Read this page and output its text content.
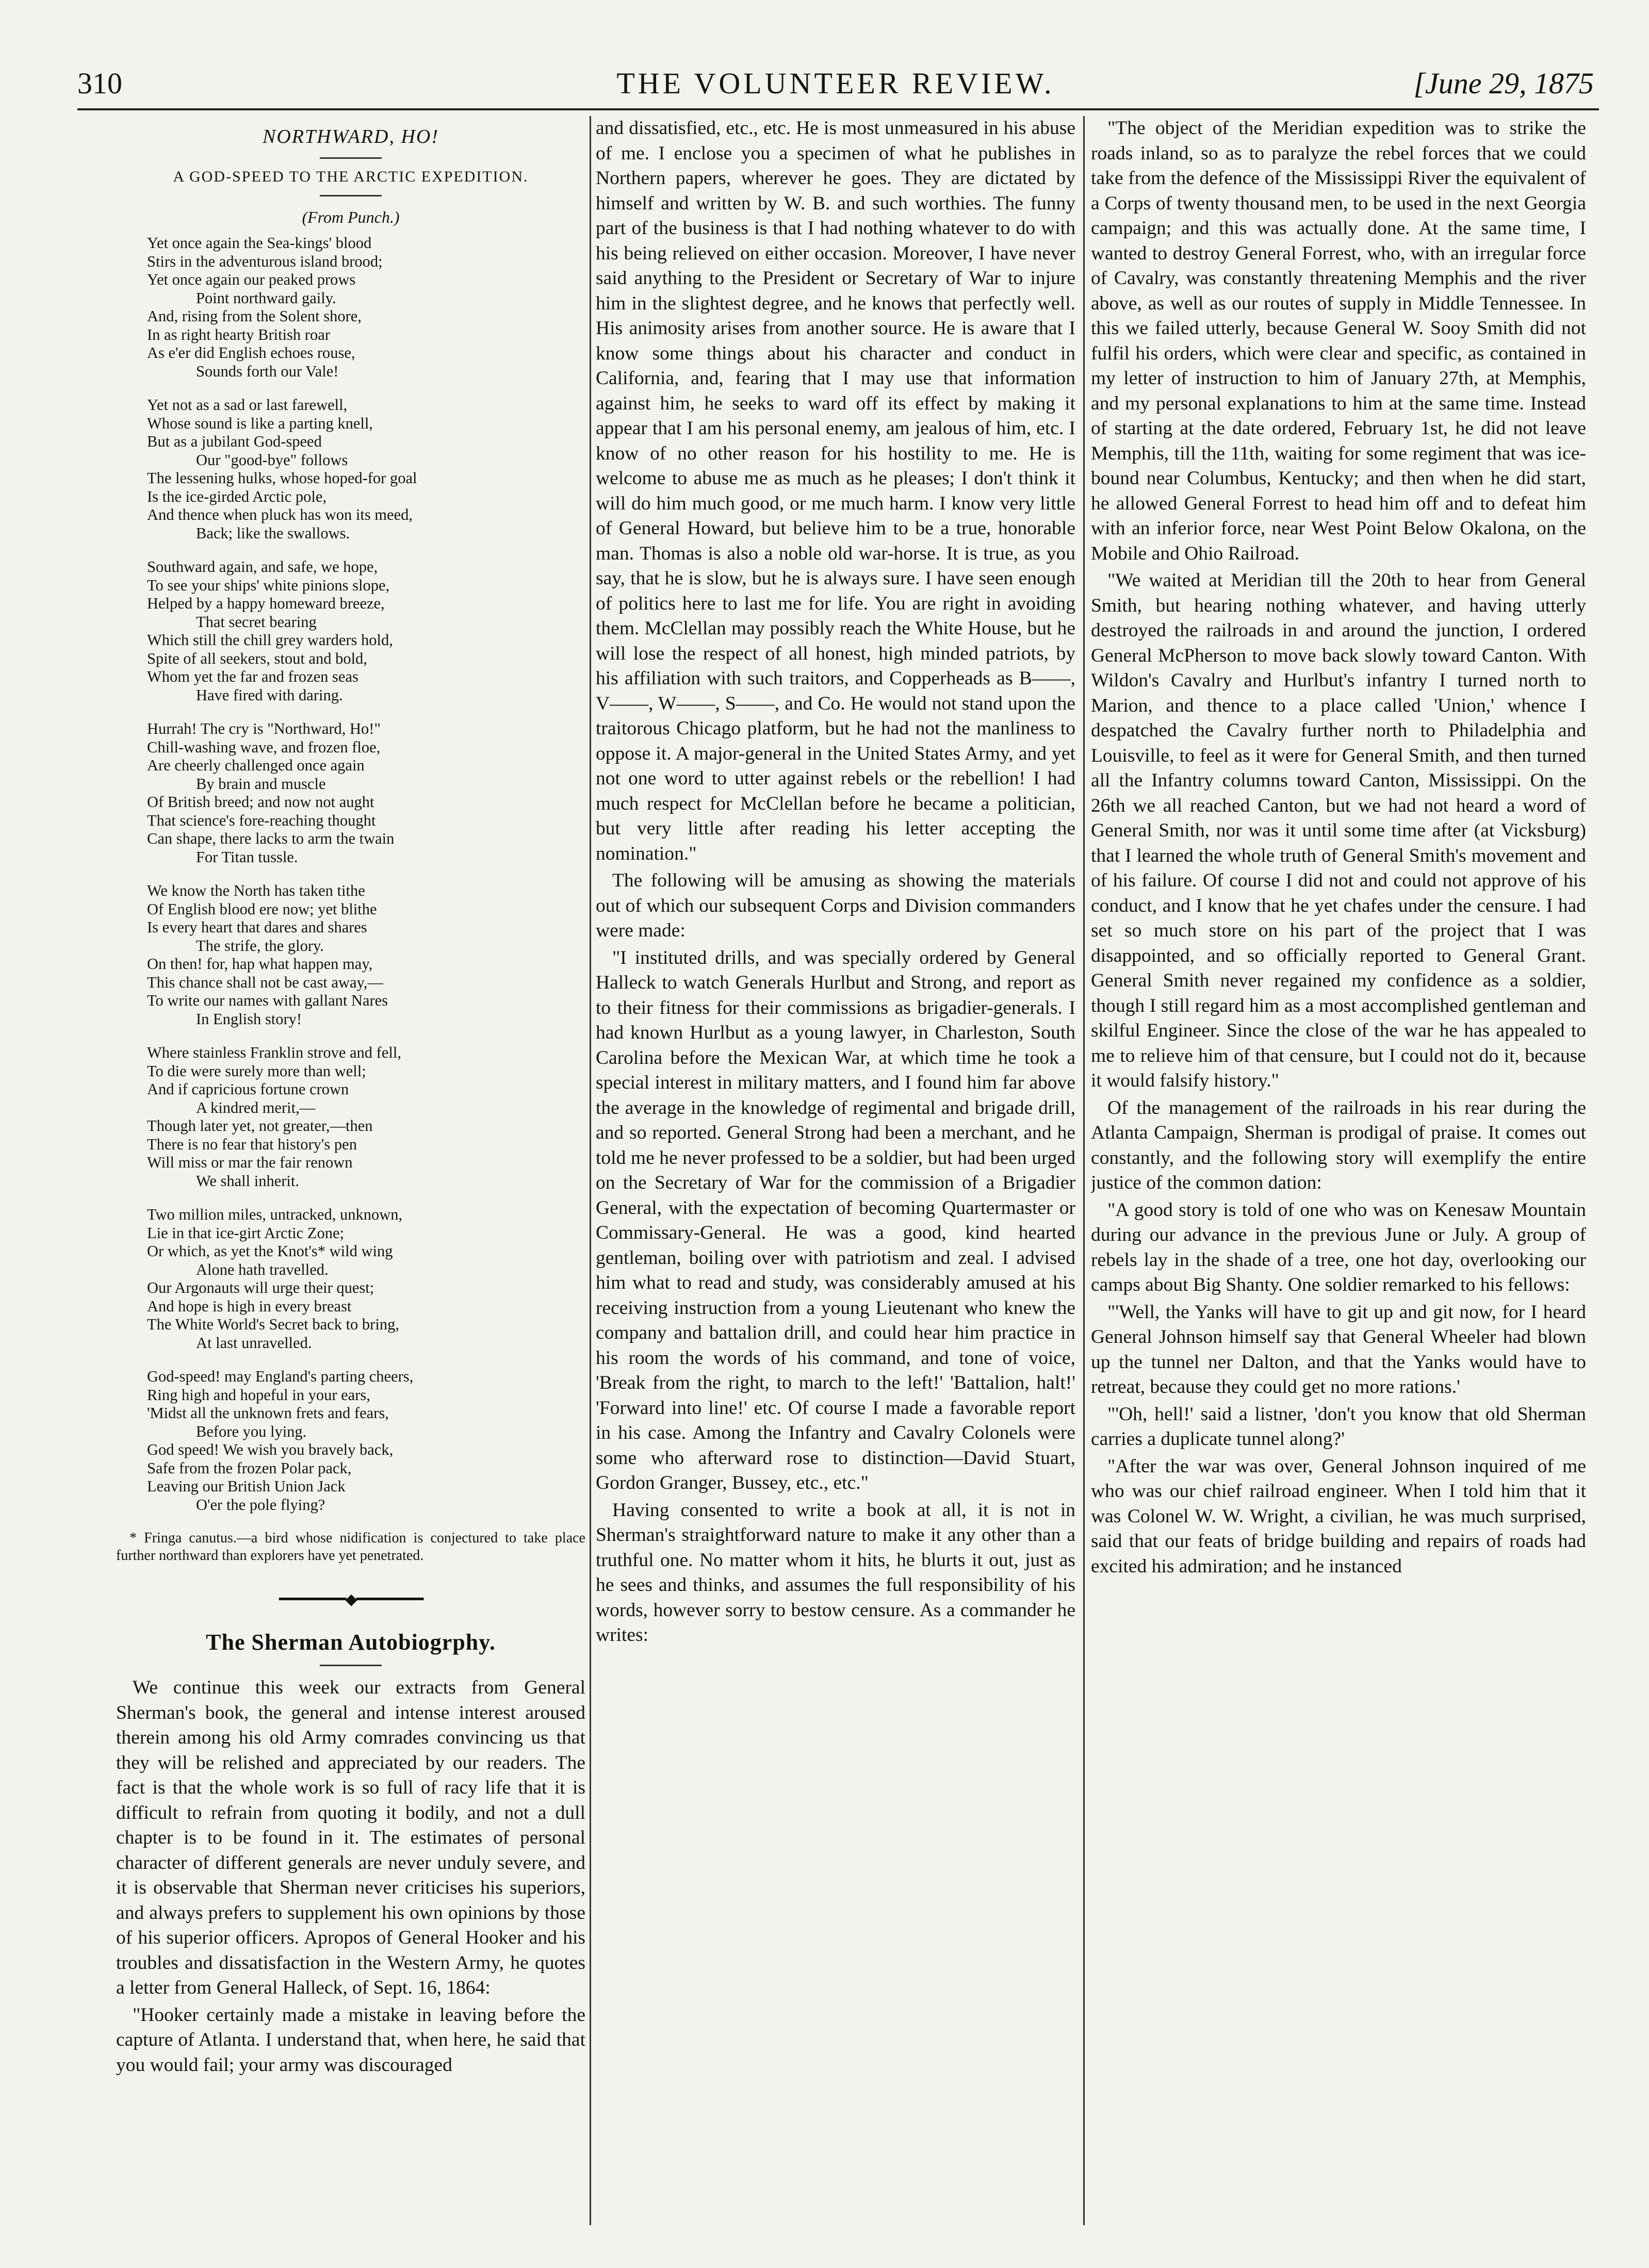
310	THE VOLUNTEER REVIEW.	[June 29, 1875
NORTHWARD, HO!
A GOD-SPEED TO THE ARCTIC EXPEDITION.
(From Punch.)
Yet once again the Sea-kings' blood
Stirs in the adventurous island brood;
Yet once again our peaked prows
Point northward gaily.
And, rising from the Solent shore,
In as right hearty British roar
As e'er did English echoes rouse,
Sounds forth our Vale!
Yet not as a sad or last farewell,
Whose sound is like a parting knell,
But as a jubilant God-speed
Our "good-bye" follows
The lessening hulks, whose hoped-for goal
Is the ice-girded Arctic pole,
And thence when pluck has won its meed,
Back; like the swallows.
Southward again, and safe, we hope,
To see your ships' white pinions slope,
Helped by a happy homeward breeze,
That secret bearing
Which still the chill grey warders hold,
Spite of all seekers, stout and bold,
Whom yet the far and frozen seas
Have fired with daring.
Hurrah! The cry is "Northward, Ho!"
Chill-washing wave, and frozen floe,
Are cheerly challenged once again
By brain and muscle
Of British breed; and now not aught
That science's fore-reaching thought
Can shape, there lacks to arm the twain
For Titan tussle.
We know the North has taken tithe
Of English blood ere now; yet blithe
Is every heart that dares and shares
The strife, the glory.
On then! for, hap what happen may,
This chance shall not be cast away,—
To write our names with gallant Nares
In English story!
Where stainless Franklin strove and fell,
To die were surely more than well;
And if capricious fortune crown
A kindred merit,—
Though later yet, not greater,—then
There is no fear that history's pen
Will miss or mar the fair renown
We shall inherit.
Two million miles, untracked, unknown,
Lie in that ice-girt Arctic Zone;
Or which, as yet the Knot's* wild wing
Alone hath travelled.
Our Argonauts will urge their quest;
And hope is high in every breast
The White World's Secret back to bring,
At last unravelled.
God-speed! may England's parting cheers,
Ring high and hopeful in your ears,
'Midst all the unknown frets and fears,
Before you lying.
God speed! We wish you bravely back,
Safe from the frozen Polar pack,
Leaving our British Union Jack
O'er the pole flying?
* Fringa canutus.—a bird whose nidification is conjectured to take place further northward than explorers have yet penetrated.
━━━━━━━━◆━━━━━━━━
The Sherman Autobiogrphy.

We continue this week our extracts from General Sherman's book, the general and intense interest aroused therein among his old Army comrades convincing us that they will be relished and appreciated by our readers. The fact is that the whole work is so full of racy life that it is difficult to refrain from quoting it bodily, and not a dull chapter is to be found in it. The estimates of personal character of different generals are never unduly severe, and it is observable that Sherman never criticises his superiors, and always prefers to supplement his own opinions by those of his superior officers. Apropos of General Hooker and his troubles and dissatisfaction in the Western Army, he quotes a letter from General Halleck, of Sept. 16, 1864:

"Hooker certainly made a mistake in leaving before the capture of Atlanta. I understand that, when here, he said that you would fail; your army was discouraged

and dissatisfied, etc., etc. He is most unmeasured in his abuse of me. I enclose you a specimen of what he publishes in Northern papers, wherever he goes. They are dictated by himself and written by W. B. and such worthies. The funny part of the business is that I had nothing whatever to do with his being relieved on either occasion. Moreover, I have never said anything to the President or Secretary of War to injure him in the slightest degree, and he knows that perfectly well. His animosity arises from another source. He is aware that I know some things about his character and conduct in California, and, fearing that I may use that information against him, he seeks to ward off its effect by making it appear that I am his personal enemy, am jealous of him, etc. I know of no other reason for his hostility to me. He is welcome to abuse me as much as he pleases; I don't think it will do him much good, or me much harm. I know very little of General Howard, but believe him to be a true, honorable man. Thomas is also a noble old war-horse. It is true, as you say, that he is slow, but he is always sure. I have seen enough of politics here to last me for life. You are right in avoiding them. McClellan may possibly reach the White House, but he will lose the respect of all honest, high minded patriots, by his affiliation with such traitors, and Copperheads as B——, V——, W——, S——, and Co. He would not stand upon the traitorous Chicago platform, but he had not the manliness to oppose it. A major-general in the United States Army, and yet not one word to utter against rebels or the rebellion! I had much respect for McClellan before he became a politician, but very little after reading his letter accepting the nomination."

The following will be amusing as showing the materials out of which our subsequent Corps and Division commanders were made:

"I instituted drills, and was specially ordered by General Halleck to watch Generals Hurlbut and Strong, and report as to their fitness for their commissions as brigadier-generals. I had known Hurlbut as a young lawyer, in Charleston, South Carolina before the Mexican War, at which time he took a special interest in military matters, and I found him far above the average in the knowledge of regimental and brigade drill, and so reported. General Strong had been a merchant, and he told me he never professed to be a soldier, but had been urged on the Secretary of War for the commission of a Brigadier General, with the expectation of becoming Quartermaster or Commissary-General. He was a good, kind hearted gentleman, boiling over with patriotism and zeal. I advised him what to read and study, was considerably amused at his receiving instruction from a young Lieutenant who knew the company and battalion drill, and could hear him practice in his room the words of his command, and tone of voice, 'Break from the right, to march to the left!' 'Battalion, halt!' 'Forward into line!' etc. Of course I made a favorable report in his case. Among the Infantry and Cavalry Colonels were some who afterward rose to distinction—David Stuart, Gordon Granger, Bussey, etc., etc."

Having consented to write a book at all, it is not in Sherman's straightforward nature to make it any other than a truthful one. No matter whom it hits, he blurts it out, just as he sees and thinks, and assumes the full responsibility of his words, however sorry to bestow censure. As a commander he writes:

"The object of the Meridian expedition was to strike the roads inland, so as to paralyze the rebel forces that we could take from the defence of the Mississippi River the equivalent of a Corps of twenty thousand men, to be used in the next Georgia campaign; and this was actually done. At the same time, I wanted to destroy General Forrest, who, with an irregular force of Cavalry, was constantly threatening Memphis and the river above, as well as our routes of supply in Middle Tennessee. In this we failed utterly, because General W. Sooy Smith did not fulfil his orders, which were clear and specific, as contained in my letter of instruction to him of January 27th, at Memphis, and my personal explanations to him at the same time. Instead of starting at the date ordered, February 1st, he did not leave Memphis, till the 11th, waiting for some regiment that was ice-bound near Columbus, Kentucky; and then when he did start, he allowed General Forrest to head him off and to defeat him with an inferior force, near West Point Below Okalona, on the Mobile and Ohio Railroad.

"We waited at Meridian till the 20th to hear from General Smith, but hearing nothing whatever, and having utterly destroyed the railroads in and around the junction, I ordered General McPherson to move back slowly toward Canton. With Wildon's Cavalry and Hurlbut's infantry I turned north to Marion, and thence to a place called 'Union,' whence I despatched the Cavalry further north to Philadelphia and Louisville, to feel as it were for General Smith, and then turned all the Infantry columns toward Canton, Mississippi. On the 26th we all reached Canton, but we had not heard a word of General Smith, nor was it until some time after (at Vicksburg) that I learned the whole truth of General Smith's movement and of his failure. Of course I did not and could not approve of his conduct, and I know that he yet chafes under the censure. I had set so much store on his part of the project that I was disappointed, and so officially reported to General Grant. General Smith never regained my confidence as a soldier, though I still regard him as a most accomplished gentleman and skilful Engineer. Since the close of the war he has appealed to me to relieve him of that censure, but I could not do it, because it would falsify history."

Of the management of the railroads in his rear during the Atlanta Campaign, Sherman is prodigal of praise. It comes out constantly, and the following story will exemplify the entire justice of the common dation:

"A good story is told of one who was on Kenesaw Mountain during our advance in the previous June or July. A group of rebels lay in the shade of a tree, one hot day, overlooking our camps about Big Shanty. One soldier remarked to his fellows:

"'Well, the Yanks will have to git up and git now, for I heard General Johnson himself say that General Wheeler had blown up the tunnel ner Dalton, and that the Yanks would have to retreat, because they could get no more rations.'

"'Oh, hell!' said a listner, 'don't you know that old Sherman carries a duplicate tunnel along?'

"After the war was over, General Johnson inquired of me who was our chief railroad engineer. When I told him that it was Colonel W. W. Wright, a civilian, he was much surprised, said that our feats of bridge building and repairs of roads had excited his admiration; and he instanced
